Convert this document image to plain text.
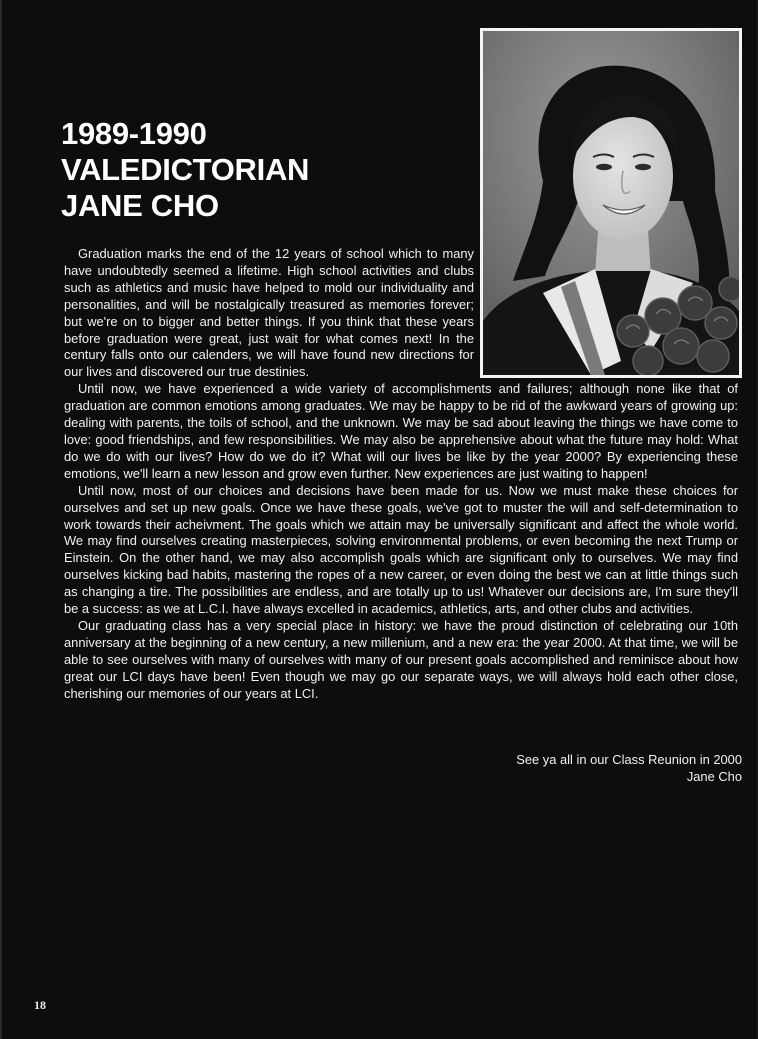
1989-1990
VALEDICTORIAN
JANE CHO

Graduation marks the end of the 12 years of school which to many have undoubtedly seemed a lifetime. High school activities and clubs such as athletics and music have helped to mold our individuality and personalities, and will be nostalgically treasured as memories forever; but we're on to bigger and better things. If you think that these years before graduation were great, just wait for what comes next! In the century falls onto our calenders, we will have found new directions for our lives and discovered our true destinies.

Until now, we have experienced a wide variety of accomplishments and failures; although none like that of graduation are common emotions among graduates. We may be happy to be rid of the awkward years of growing up: dealing with parents, the toils of school, and the unknown. We may be sad about leaving the things we have come to love: good friendships, and few responsibilities. We may also be apprehensive about what the future may hold: What do we do with our lives? How do we do it? What will our lives be like by the year 2000? By experiencing these emotions, we'll learn a new lesson and grow even further. New experiences are just waiting to happen!

Until now, most of our choices and decisions have been made for us. Now we must make these choices for ourselves and set up new goals. Once we have these goals, we've got to muster the will and self-determination to work towards their acheivment. The goals which we attain may be universally significant and affect the whole world. We may find ourselves creating masterpieces, solving environmental problems, or even becoming the next Trump or Einstein. On the other hand, we may also accomplish goals which are significant only to ourselves. We may find ourselves kicking bad habits, mastering the ropes of a new career, or even doing the best we can at little things such as changing a tire. The possibilities are endless, and are totally up to us! Whatever our decisions are, I'm sure they'll be a success: as we at L.C.I. have always excelled in academics, athletics, arts, and other clubs and activities.

Our graduating class has a very special place in history: we have the proud distinction of celebrating our 10th anniversary at the beginning of a new century, a new millenium, and a new era: the year 2000. At that time, we will be able to see ourselves with many of ourselves with many of our present goals accomplished and reminisce about how great our LCI days have been! Even though we may go our separate ways, we will always hold each other close, cherishing our memories of our years at LCI.

See ya all in our Class Reunion in 2000
Jane Cho
18
